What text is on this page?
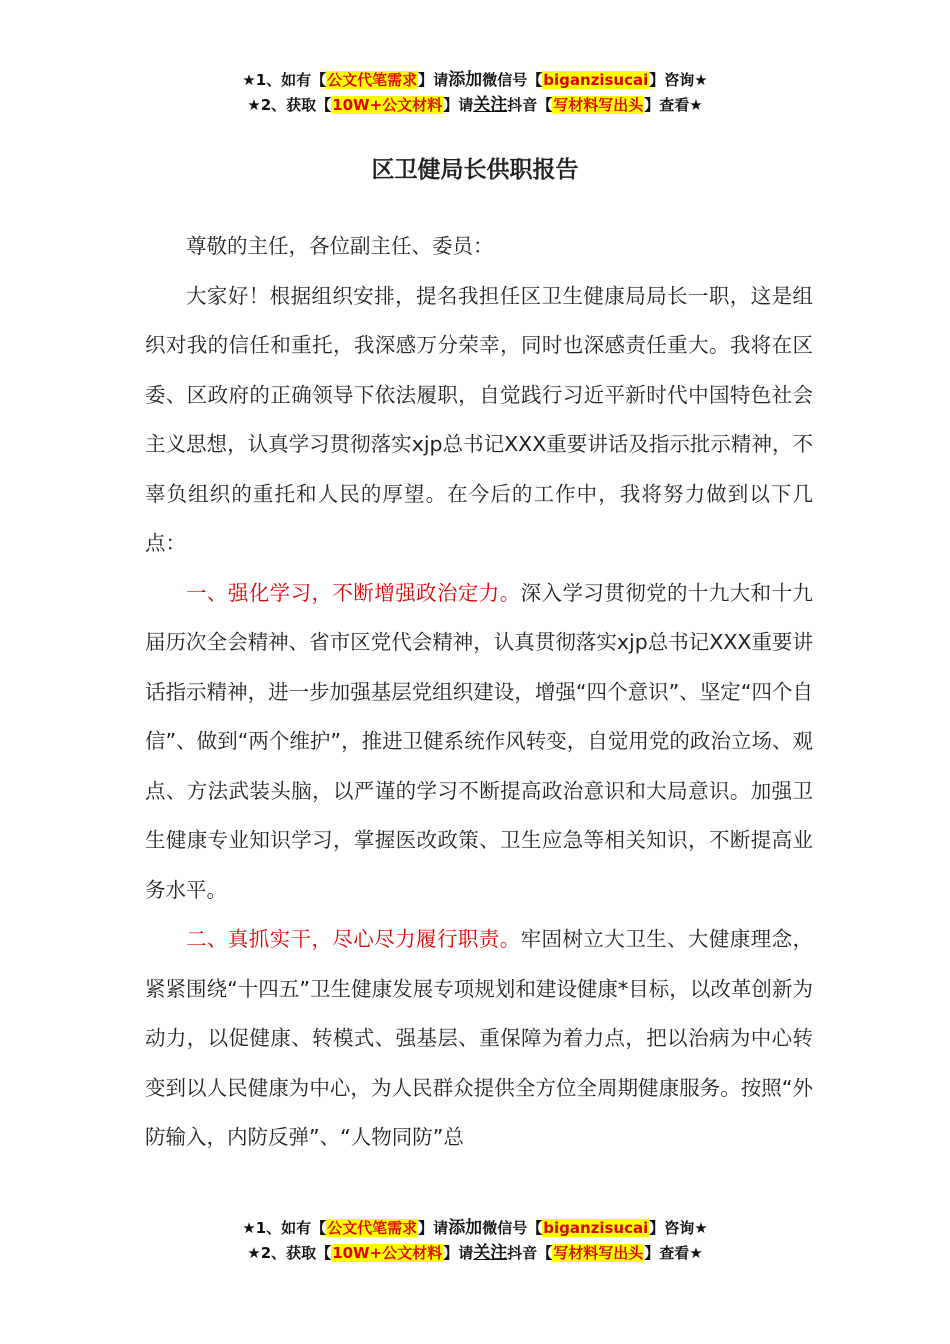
★1、如有【公文代笔需求】请添加微信号【biganzisucai】咨询★
★2、获取【10W+公文材料】请关注抖音【写材料写出头】查看★
区卫健局长供职报告

尊敬的主任，各位副主任、委员：

大家好！根据组织安排，提名我担任区卫生健康局局长一职，这是组织对我的信任和重托，我深感万分荣幸，同时也深感责任重大。我将在区委、区政府的正确领导下依法履职，自觉践行习近平新时代中国特色社会主义思想，认真学习贯彻落实xjp总书记XXX重要讲话及指示批示精神，不辜负组织的重托和人民的厚望。在今后的工作中，我将努力做到以下几点：

一、强化学习，不断增强政治定力。深入学习贯彻党的十九大和十九届历次全会精神、省市区党代会精神，认真贯彻落实xjp总书记XXX重要讲话指示精神，进一步加强基层党组织建设，增强“四个意识”、坚定“四个自信”、做到“两个维护”，推进卫健系统作风转变，自觉用党的政治立场、观点、方法武装头脑，以严谨的学习不断提高政治意识和大局意识。加强卫生健康专业知识学习，掌握医改政策、卫生应急等相关知识，不断提高业务水平。

二、真抓实干，尽心尽力履行职责。牢固树立大卫生、大健康理念，紧紧围绕“十四五”卫生健康发展专项规划和建设健康*目标，以改革创新为动力，以促健康、转模式、强基层、重保障为着力点，把以治病为中心转变到以人民健康为中心，为人民群众提供全方位全周期健康服务。按照“外防输入，内防反弹”、“人物同防”总

★1、如有【公文代笔需求】请添加微信号【biganzisucai】咨询★
★2、获取【10W+公文材料】请关注抖音【写材料写出头】查看★
